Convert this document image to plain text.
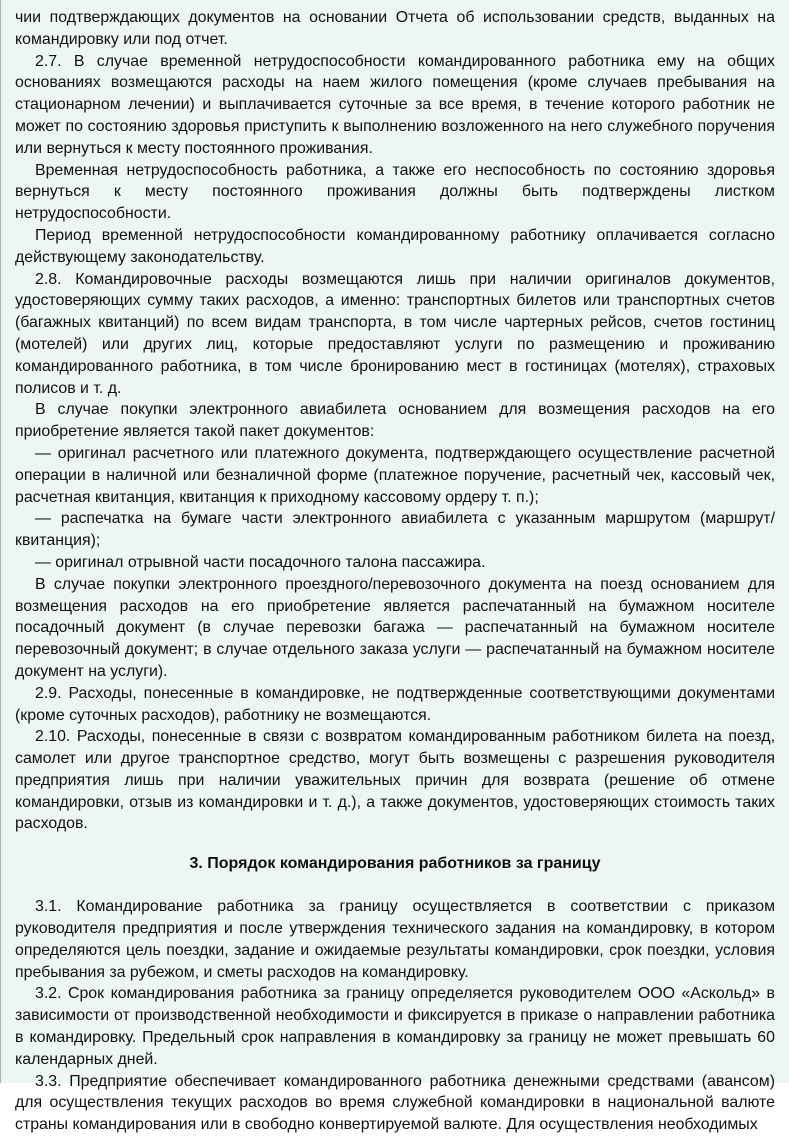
чии подтверждающих документов на основании Отчета об использовании средств, выданных на командировку или под отчет.

2.7. В случае временной нетрудоспособности командированного работника ему на общих основаниях возмещаются расходы на наем жилого помещения (кроме случаев пребывания на стационарном лечении) и выплачивается суточные за все время, в течение которого работник не может по состоянию здоровья приступить к выполнению возложенного на него служебного поручения или вернуться к месту постоянного проживания.

Временная нетрудоспособность работника, а также его неспособность по состоянию здоровья вернуться к месту постоянного проживания должны быть подтверждены листком нетрудоспособности.

Период временной нетрудоспособности командированному работнику оплачивается согласно действующему законодательству.

2.8. Командировочные расходы возмещаются лишь при наличии оригиналов документов, удостоверяющих сумму таких расходов, а именно: транспортных билетов или транспортных счетов (багажных квитанций) по всем видам транспорта, в том числе чартерных рейсов, счетов гостиниц (мотелей) или других лиц, которые предоставляют услуги по размещению и проживанию командированного работника, в том числе бронированию мест в гостиницах (мотелях), страховых полисов и т. д.

В случае покупки электронного авиабилета основанием для возмещения расходов на его приобретение является такой пакет документов:

— оригинал расчетного или платежного документа, подтверждающего осуществление расчетной операции в наличной или безналичной форме (платежное поручение, расчетный чек, кассовый чек, расчетная квитанция, квитанция к приходному кассовому ордеру т. п.);

— распечатка на бумаге части электронного авиабилета с указанным маршрутом (маршрут/квитанция);

— оригинал отрывной части посадочного талона пассажира.

В случае покупки электронного проездного/перевозочного документа на поезд основанием для возмещения расходов на его приобретение является распечатанный на бумажном носителе посадочный документ (в случае перевозки багажа — распечатанный на бумажном носителе перевозочный документ; в случае отдельного заказа услуги — распечатанный на бумажном носителе документ на услуги).

2.9. Расходы, понесенные в командировке, не подтвержденные соответствующими документами (кроме суточных расходов), работнику не возмещаются.

2.10. Расходы, понесенные в связи с возвратом командированным работником билета на поезд, самолет или другое транспортное средство, могут быть возмещены с разрешения руководителя предприятия лишь при наличии уважительных причин для возврата (решение об отмене командировки, отзыв из командировки и т. д.), а также документов, удостоверяющих стоимость таких расходов.

3. Порядок командирования работников за границу

3.1. Командирование работника за границу осуществляется в соответствии с приказом руководителя предприятия и после утверждения технического задания на командировку, в котором определяются цель поездки, задание и ожидаемые результаты командировки, срок поездки, условия пребывания за рубежом, и сметы расходов на командировку.

3.2. Срок командирования работника за границу определяется руководителем ООО «Аскольд» в зависимости от производственной необходимости и фиксируется в приказе о направлении работника в командировку. Предельный срок направления в командировку за границу не может превышать 60 календарных дней.

3.3. Предприятие обеспечивает командированного работника денежными средствами (авансом) для осуществления текущих расходов во время служебной командировки в национальной валюте страны командирования или в свободно конвертируемой валюте. Для осуществления необходимых
